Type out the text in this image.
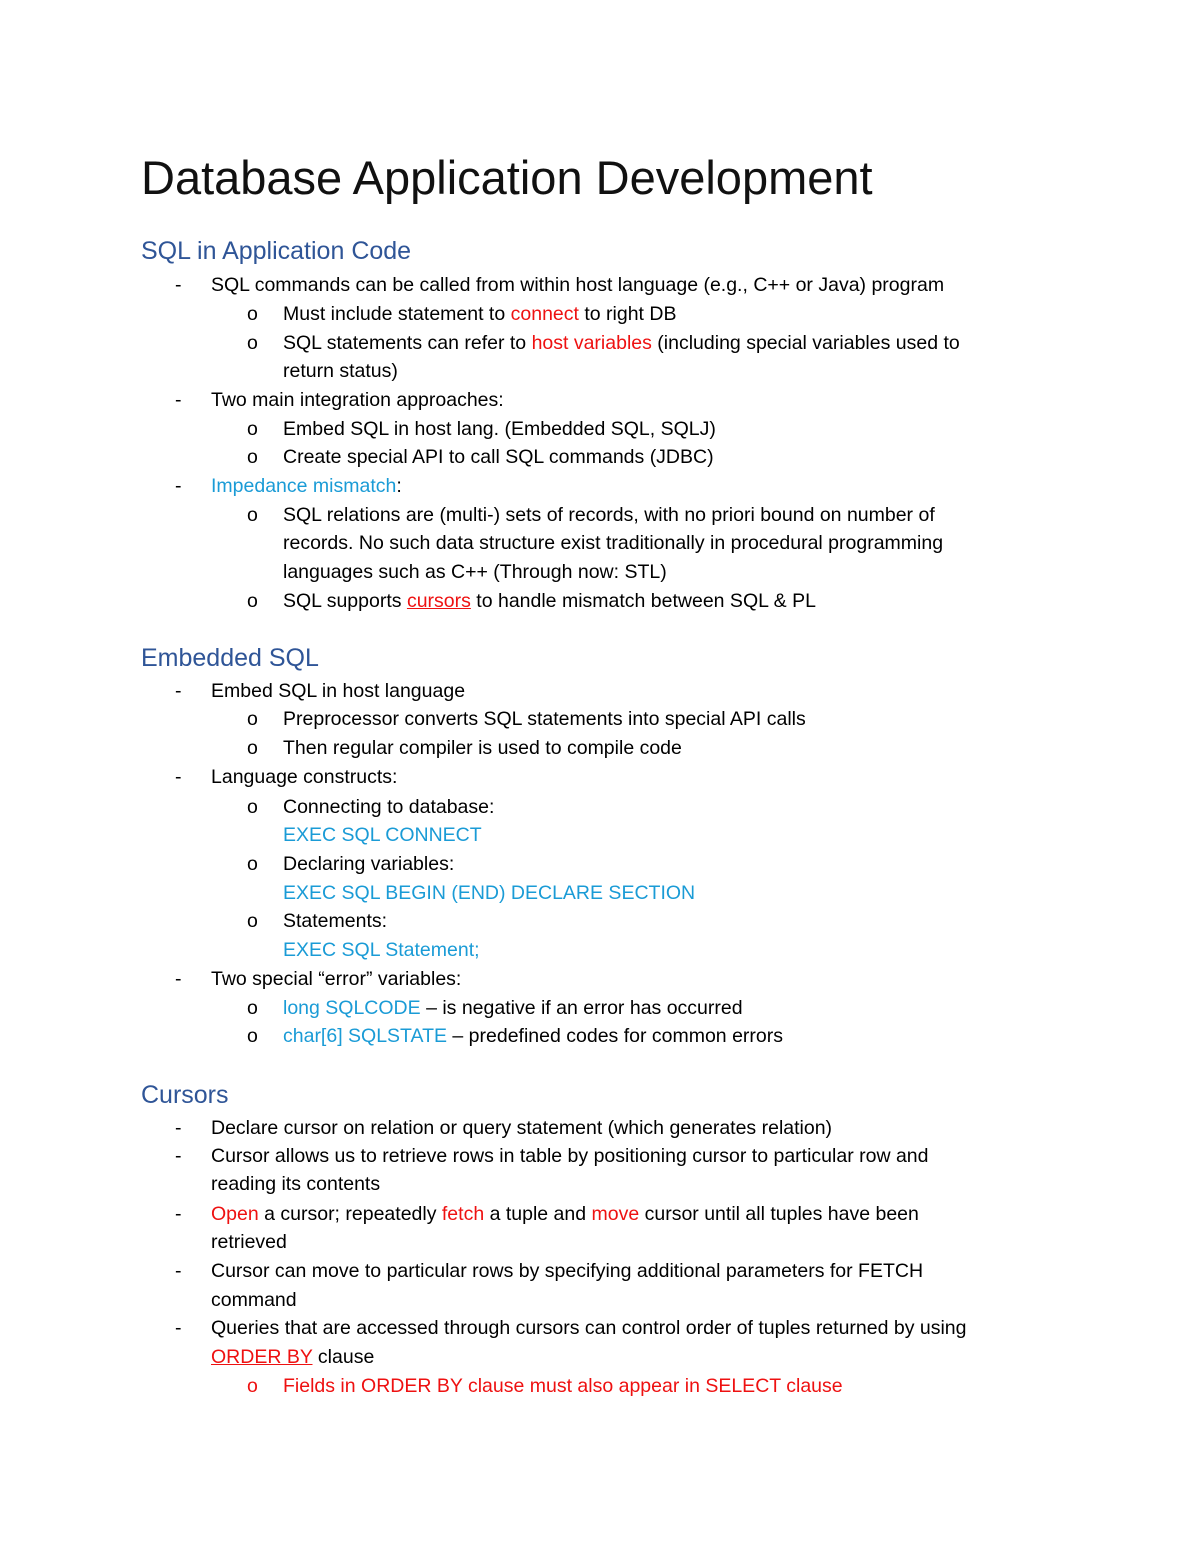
Database Application Development
SQL in Application Code
- SQL commands can be called from within host language (e.g., C++ or Java) program
o Must include statement to connect to right DB
o SQL statements can refer to host variables (including special variables used to
return status)
- Two main integration approaches:
o Embed SQL in host lang. (Embedded SQL, SQLJ)
o Create special API to call SQL commands (JDBC)
- Impedance mismatch:
o SQL relations are (multi-) sets of records, with no priori bound on number of
records. No such data structure exist traditionally in procedural programming
languages such as C++ (Through now: STL)
o SQL supports cursors to handle mismatch between SQL & PL
Embedded SQL
- Embed SQL in host language
o Preprocessor converts SQL statements into special API calls
o Then regular compiler is used to compile code
- Language constructs:
o Connecting to database:
EXEC SQL CONNECT
o Declaring variables:
EXEC SQL BEGIN (END) DECLARE SECTION
o Statements:
EXEC SQL Statement;
- Two special “error” variables:
o long SQLCODE – is negative if an error has occurred
o char[6] SQLSTATE – predefined codes for common errors
Cursors
- Declare cursor on relation or query statement (which generates relation)
- Cursor allows us to retrieve rows in table by positioning cursor to particular row and
reading its contents
- Open a cursor; repeatedly fetch a tuple and move cursor until all tuples have been
retrieved
- Cursor can move to particular rows by specifying additional parameters for FETCH
command
- Queries that are accessed through cursors can control order of tuples returned by using
ORDER BY clause
o Fields in ORDER BY clause must also appear in SELECT clause
